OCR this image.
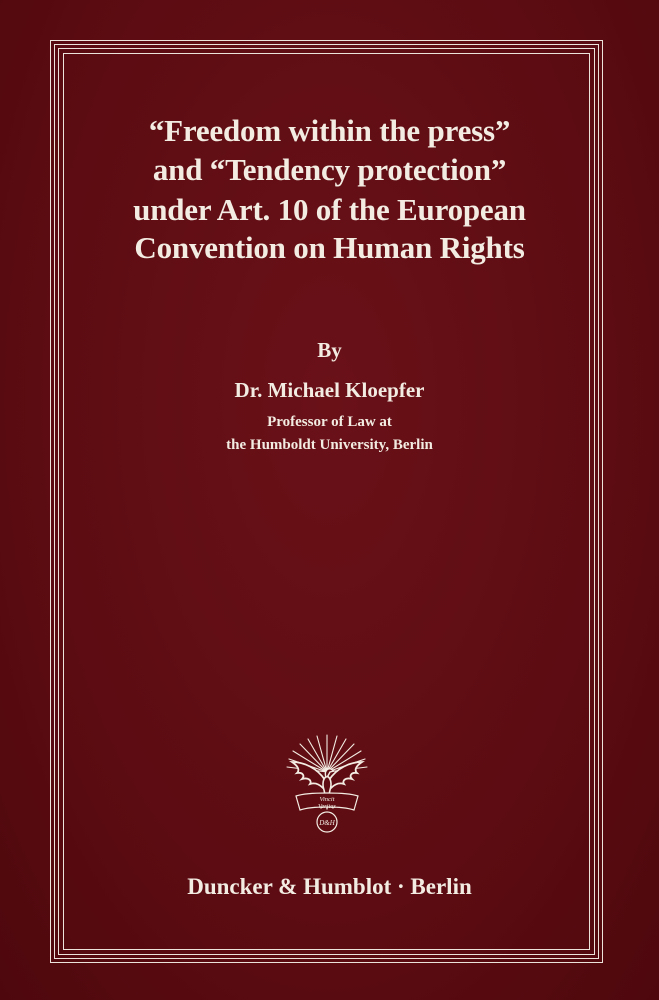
“Freedom within the press”
and “Tendency protection”
under Art. 10 of the European
Convention on Human Rights
By
Dr. Michael Kloepfer
Professor of Law at
the Humboldt University, Berlin
Vincit
Veritas
D&H
Duncker & Humblot · Berlin
